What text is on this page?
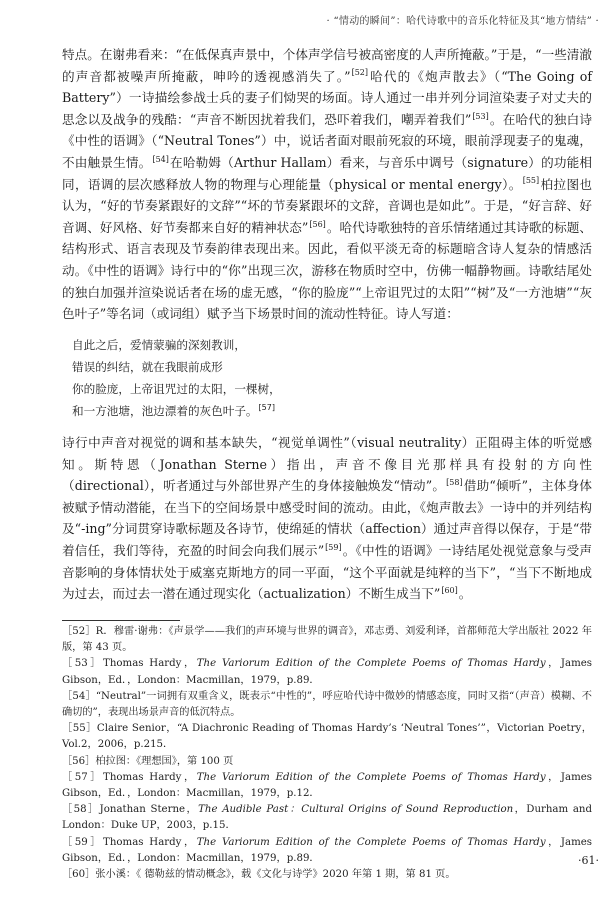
· “情动的瞬间”：哈代诗歌中的音乐化特征及其“地方情结” ·

特点。在谢弗看来：“在低保真声景中，个体声学信号被高密度的人声所掩蔽。”于是，“一些清澈的声音都被噪声所掩蔽，呻吟的透视感消失了。”[52]哈代的《炮声散去》（“The Going of Battery”）一诗描绘参战士兵的妻子们恸哭的场面。诗人通过一串并列分词渲染妻子对丈夫的思念以及战争的残酷：“声音不断因扰着我们，恐吓着我们，嘲弄着我们”[53]。在哈代的独白诗《中性的语调》（“Neutral Tones”）中，说话者面对眼前死寂的环境，眼前浮现妻子的鬼魂，不由触景生情。[54]在哈勒姆（Arthur Hallam）看来，与音乐中调号（signature）的功能相同，语调的层次感释放人物的物理与心理能量（physical or mental energy）。[55]柏拉图也认为，“好的节奏紧跟好的文辞”“坏的节奏紧跟坏的文辞，音调也是如此”。于是，“好言辞、好音调、好风格、好节奏都来自好的精神状态”[56]。哈代诗歌独特的音乐情绪通过其诗歌的标题、结构形式、语言表现及节奏韵律表现出来。因此，看似平淡无奇的标题暗含诗人复杂的情感活动。《中性的语调》诗行中的“你”出现三次，游移在物质时空中，仿佛一幅静物画。诗歌结尾处的独白加强并渲染说话者在场的虚无感，“你的脸庞”“上帝诅咒过的太阳”“树”及“一方池塘”“灰色叶子”等名词（或词组）赋予当下场景时间的流动性特征。诗人写道：

自此之后，爱情蒙骗的深刻教训，
错误的纠结，就在我眼前成形
你的脸庞，上帝诅咒过的太阳，一棵树，
和一方池塘，池边漂着的灰色叶子。[57]

诗行中声音对视觉的调和基本缺失，“视觉单调性”（visual neutrality）正阻碍主体的听觉感知。斯特恩（Jonathan Sterne）指出，声音不像目光那样具有投射的方向性（directional），听者通过与外部世界产生的身体接触焕发“情动”。[58]借助“倾听”，主体身体被赋予情动潜能，在当下的空间场景中感受时间的流动。由此，《炮声散去》一诗中的并列结构及“-ing”分词贯穿诗歌标题及各诗节，使绵延的情状（affection）通过声音得以保存，于是“带着信任，我们等待，充盈的时间会向我们展示”[59]。《中性的语调》一诗结尾处视觉意象与受声音影响的身体情状处于威塞克斯地方的同一平面，“这个平面就是纯粹的当下”，“当下不断地成为过去，而过去一潜在通过现实化（actualization）不断生成当下”[60]。

［52］R．穆雷·谢弗：《声景学——我们的声环境与世界的调音》，邓志勇、刘爱利译，首都师范大学出版社 2022 年版，第 43 页。
［53］Thomas Hardy，The Variorum Edition of the Complete Poems of Thomas Hardy，James Gibson，Ed．，London：Macmillan，1979，p.89．
［54］“Neutral”一词拥有双重含义，既表示“中性的”，呼应哈代诗中微妙的情感态度，同时又指“（声音）模糊、不确切的”，表现出场景声音的低沉特点。
［55］Claire Senior，“A Diachronic Reading of Thomas Hardy’s ‘Neutral Tones’”，Victorian Poetry，Vol.2，2006，p.215．
［56］柏拉图：《理想国》，第 100 页
［57］Thomas Hardy，The Variorum Edition of the Complete Poems of Thomas Hardy，James Gibson，Ed．，London：Macmillan，1979，p.12．
［58］Jonathan Sterne，The Audible Past：Cultural Origins of Sound Reproduction，Durham and London：Duke UP，2003，p.15．
［59］Thomas Hardy，The Variorum Edition of the Complete Poems of Thomas Hardy，James Gibson，Ed．，London：Macmillan，1979，p.89．
［60］张小溪：《 德勒兹的情动概念》，载《文化与诗学》2020 年第 1 期，第 81 页。
·61·
